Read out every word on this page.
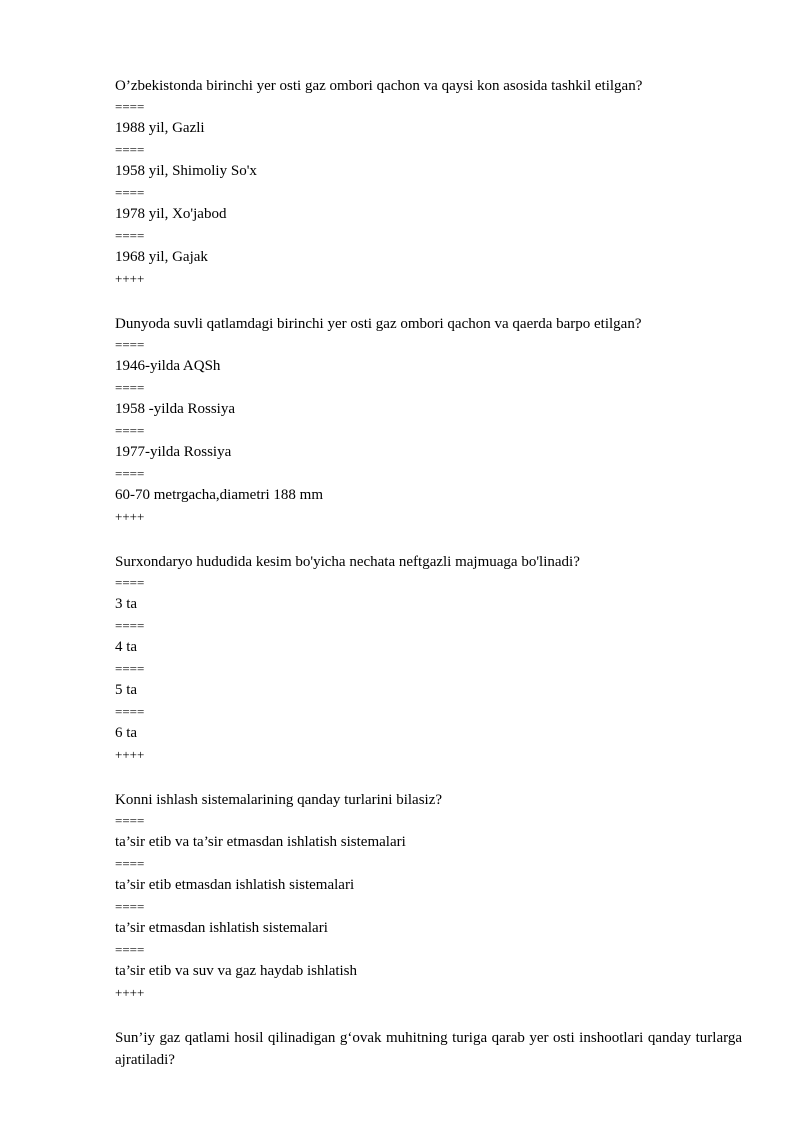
O’zbekistonda birinchi yer osti gaz ombori qachon va qaysi kon asosida tashkil etilgan?

====

1988 yil, Gazli

====

1958 yil, Shimoliy So'x

====

1978 yil, Xo'jabod

====

1968 yil, Gajak

++++

Dunyoda suvli qatlamdagi birinchi yer osti gaz ombori qachon va qaerda barpo etilgan?

====

1946-yilda AQSh

====

1958 -yilda Rossiya

====

1977-yilda Rossiya

====

60-70 metrgacha,diametri 188 mm

++++

Surxondaryo hududida kesim bo'yicha nechata neftgazli majmuaga bo'linadi?

====

3 ta

====

4 ta

====

5 ta

====

6 ta

++++

Konni ishlash sistemalarining qanday turlarini bilasiz?

====

ta’sir etib va ta’sir etmasdan ishlatish sistemalari

====

ta’sir etib etmasdan ishlatish sistemalari

====

ta’sir etmasdan ishlatish sistemalari

====

ta’sir etib va suv va gaz haydab ishlatish

++++

Sun’iy gaz qatlami hosil qilinadigan g‘ovak muhitning turiga qarab yer osti inshootlari qanday turlarga ajratiladi?
